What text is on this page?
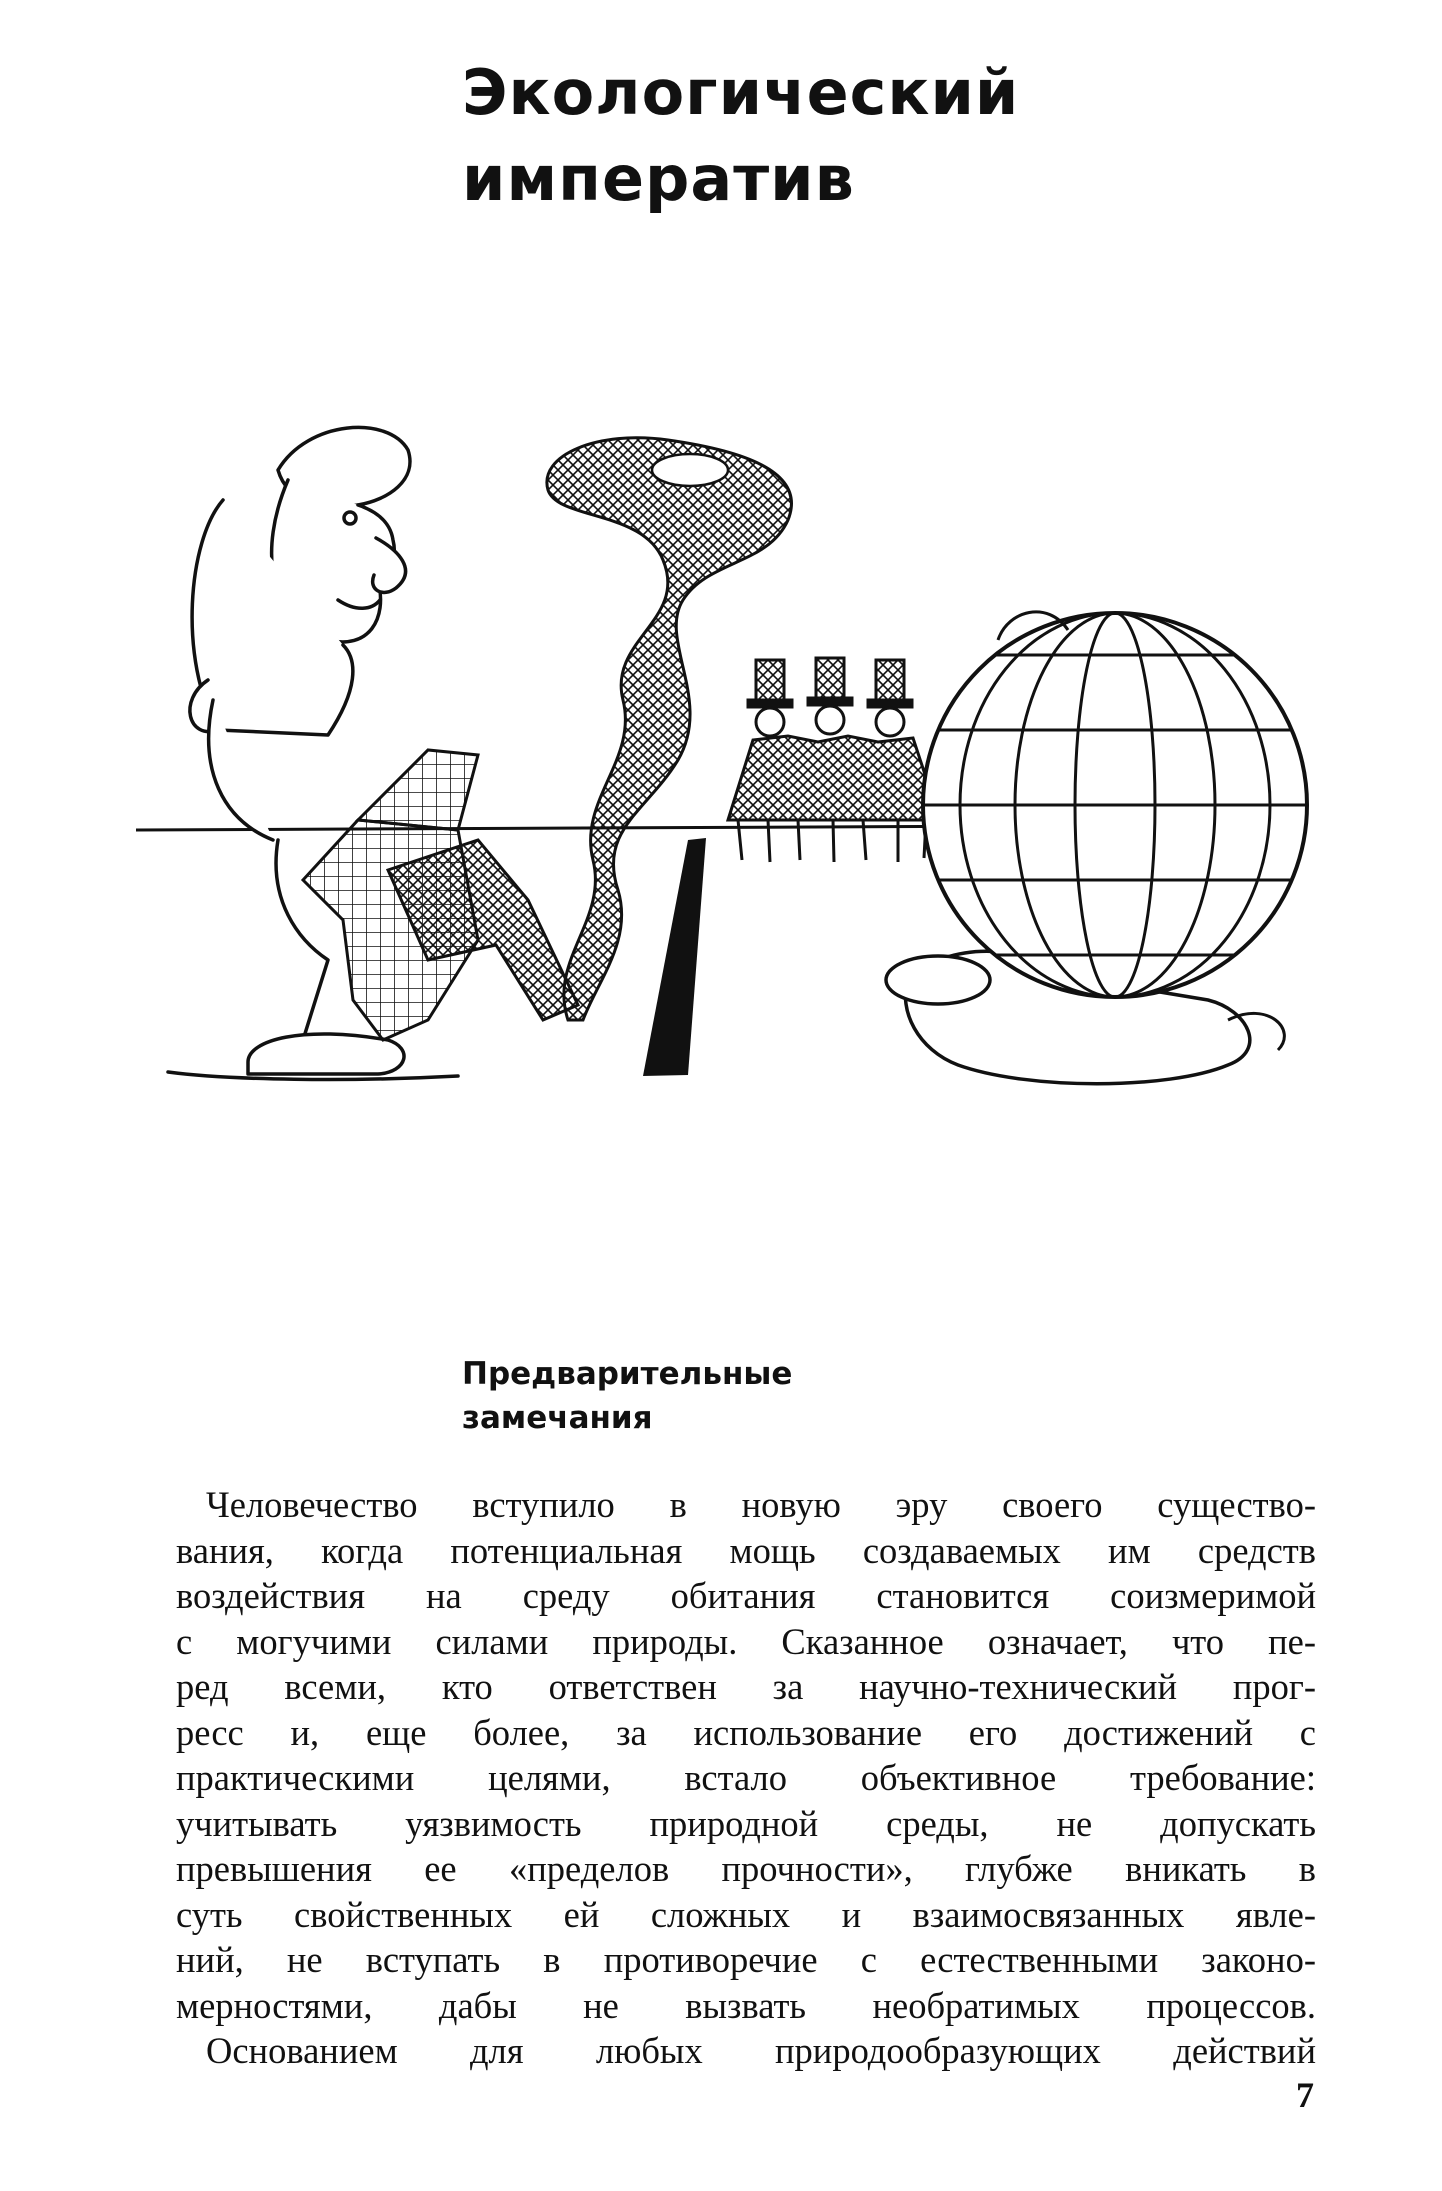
Экологический
императив
Предварительные
замечания
Человечество вступило в новую эру своего существо-
вания, когда потенциальная мощь создаваемых им средств
воздействия на среду обитания становится соизмеримой
с могучими силами природы. Сказанное означает, что пе-
ред всеми, кто ответствен за научно-технический прог-
ресс и, еще более, за использование его достижений с
практическими целями, встало объективное требование:
учитывать уязвимость природной среды, не допускать
превышения ее «пределов прочности», глубже вникать в
суть свойственных ей сложных и взаимосвязанных явле-
ний, не вступать в противоречие с естественными законо-
мерностями, дабы не вызвать необратимых процессов.
Основанием для любых природообразующих действий
7
